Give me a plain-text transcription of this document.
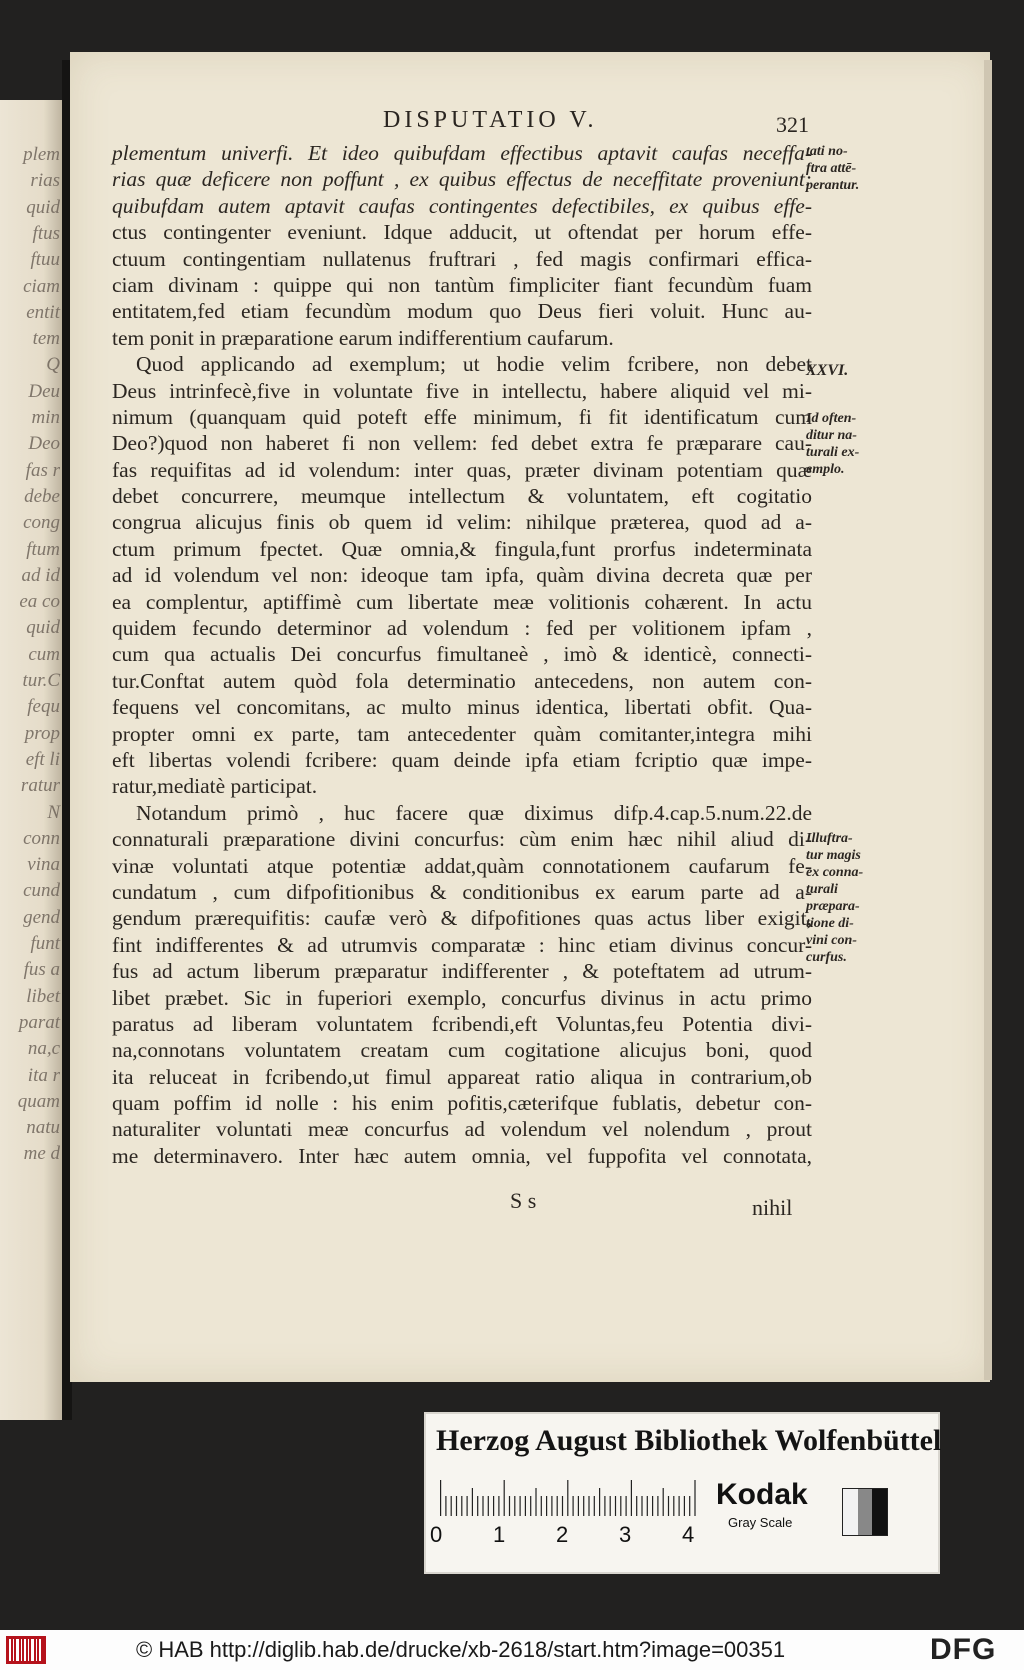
plem
rias
quid
ftus
ftuu
ciam
entit
tem
Q
Deu
min
Deo
fas r
debe
cong
ftum
ad id
ea co
quid
cum
tur.C
fequ
prop
eft li
ratur
N
conn
vina
cund
gend
funt
fus a
libet
parat
na,c
ita r
quam
natu
me d
DISPUTATIO V.	321
plementum univerfi. Et ideo quibufdam effectibus aptavit caufas neceffa-
rias quæ deficere non poffunt , ex quibus effectus de neceffitate proveniunt:
quibufdam autem aptavit caufas contingentes defectibiles, ex quibus effe-
ctus contingenter eveniunt. Idque adducit, ut oftendat per horum effe-
ctuum contingentiam nullatenus fruftrari , fed magis confirmari effica-
ciam divinam : quippe qui non tantùm fimpliciter fiant fecundùm fuam
entitatem,fed etiam fecundùm modum quo Deus fieri voluit. Hunc au-
tem ponit in præparatione earum indifferentium caufarum.
Quod applicando ad exemplum; ut hodie velim fcribere, non debet
Deus intrinfecè,five in voluntate five in intellectu, habere aliquid vel mi-
nimum (quanquam quid poteft effe minimum, fi fit identificatum cum
Deo?)quod non haberet fi non vellem: fed debet extra fe præparare cau-
fas requifitas ad id volendum: inter quas, præter divinam potentiam quæ
debet concurrere, meumque intellectum & voluntatem, eft cogitatio
congrua alicujus finis ob quem id velim: nihilque præterea, quod ad a-
ctum primum fpectet. Quæ omnia,& fingula,funt prorfus indeterminata
ad id volendum vel non: ideoque tam ipfa, quàm divina decreta quæ per
ea complentur, aptiffimè cum libertate meæ volitionis cohærent. In actu
quidem fecundo determinor ad volendum : fed per volitionem ipfam ,
cum qua actualis Dei concurfus fimultaneè , imò & identicè, connecti-
tur.Conftat autem quòd fola determinatio antecedens, non autem con-
fequens vel concomitans, ac multo minus identica, libertati obfit. Qua-
propter omni ex parte, tam antecedenter quàm comitanter,integra mihi
eft libertas volendi fcribere: quam deinde ipfa etiam fcriptio quæ impe-
ratur,mediatè participat.
Notandum primò , huc facere quæ diximus difp.4.cap.5.num.22.de
connaturali præparatione divini concurfus: cùm enim hæc nihil aliud di-
vinæ voluntati atque potentiæ addat,quàm connotationem caufarum fe-
cundatum , cum difpofitionibus & conditionibus ex earum parte ad a-
gendum prærequifitis: caufæ verò & difpofitiones quas actus liber exigit,
fint indifferentes & ad utrumvis comparatæ : hinc etiam divinus concur-
fus ad actum liberum præparatur indifferenter , & poteftatem ad utrum-
libet præbet. Sic in fuperiori exemplo, concurfus divinus in actu primo
paratus ad liberam voluntatem fcribendi,eft Voluntas,feu Potentia divi-
na,connotans voluntatem creatam cum cogitatione alicujus boni, quod
ita reluceat in fcribendo,ut fimul appareat ratio aliqua in contrarium,ob
quam poffim id nolle : his enim pofitis,cæterifque fublatis, debetur con-
naturaliter voluntati meæ concurfus ad volendum vel nolendum , prout
me determinavero. Inter hæc autem omnia, vel fuppofita vel connotata,
tati no-
ftra attē-
perantur.
XXVI.
Id often-
ditur na-
turali ex-
emplo.
Illuftra-
tur magis
ex conna-
turali
præpara-
tione di-
vini con-
curfus.
S s	nihil
Herzog August Bibliothek Wolfenbüttel
0 1 2 3 4
Kodak
Gray Scale
© HAB http://diglib.hab.de/drucke/xb-2618/start.htm?image=00351	DFG
